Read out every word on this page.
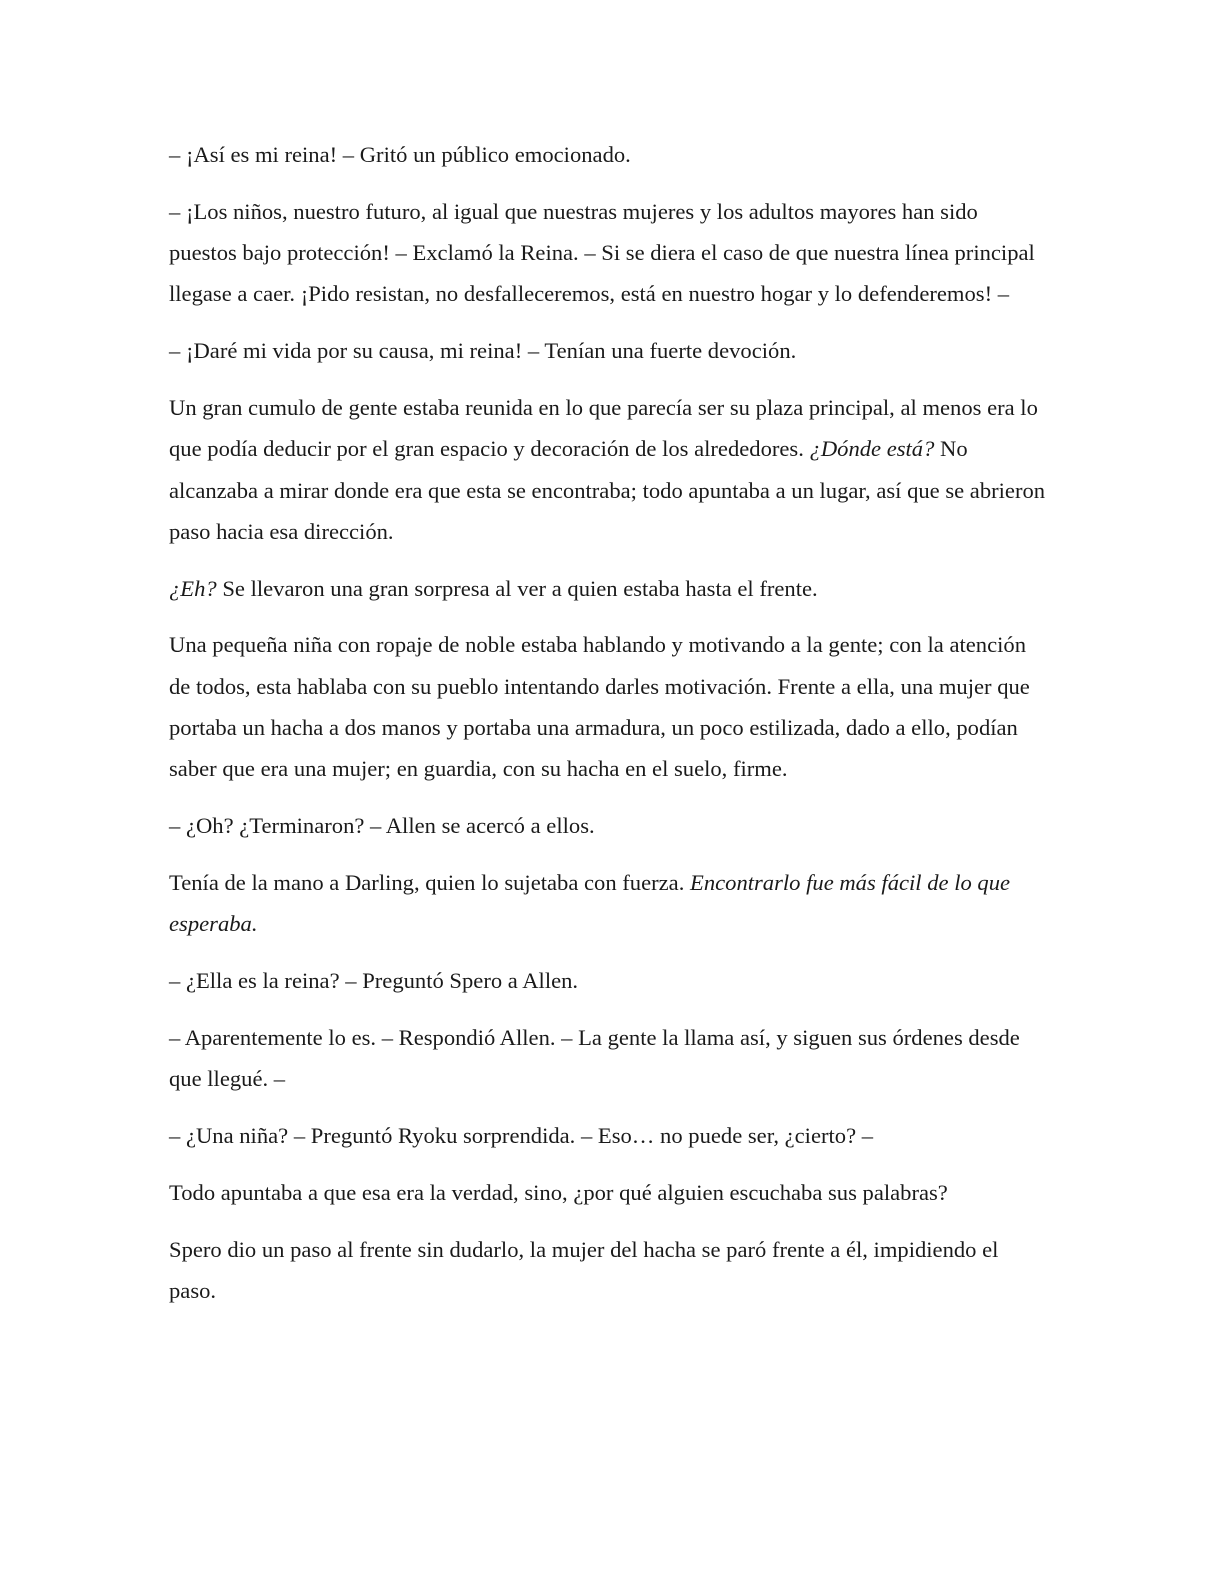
– ¡Así es mi reina! – Gritó un público emocionado.

– ¡Los niños, nuestro futuro, al igual que nuestras mujeres y los adultos mayores han sido puestos bajo protección! – Exclamó la Reina. – Si se diera el caso de que nuestra línea principal llegase a caer. ¡Pido resistan, no desfalleceremos, está en nuestro hogar y lo defenderemos! –

– ¡Daré mi vida por su causa, mi reina! – Tenían una fuerte devoción.

Un gran cumulo de gente estaba reunida en lo que parecía ser su plaza principal, al menos era lo que podía deducir por el gran espacio y decoración de los alrededores. ¿Dónde está? No alcanzaba a mirar donde era que esta se encontraba; todo apuntaba a un lugar, así que se abrieron paso hacia esa dirección.

¿Eh? Se llevaron una gran sorpresa al ver a quien estaba hasta el frente.

Una pequeña niña con ropaje de noble estaba hablando y motivando a la gente; con la atención de todos, esta hablaba con su pueblo intentando darles motivación. Frente a ella, una mujer que portaba un hacha a dos manos y portaba una armadura, un poco estilizada, dado a ello, podían saber que era una mujer; en guardia, con su hacha en el suelo, firme.

– ¿Oh? ¿Terminaron? – Allen se acercó a ellos.

Tenía de la mano a Darling, quien lo sujetaba con fuerza. Encontrarlo fue más fácil de lo que esperaba.

– ¿Ella es la reina? – Preguntó Spero a Allen.

– Aparentemente lo es. – Respondió Allen. – La gente la llama así, y siguen sus órdenes desde que llegué. –

– ¿Una niña? – Preguntó Ryoku sorprendida. – Eso… no puede ser, ¿cierto? –

Todo apuntaba a que esa era la verdad, sino, ¿por qué alguien escuchaba sus palabras?

Spero dio un paso al frente sin dudarlo, la mujer del hacha se paró frente a él, impidiendo el paso.
